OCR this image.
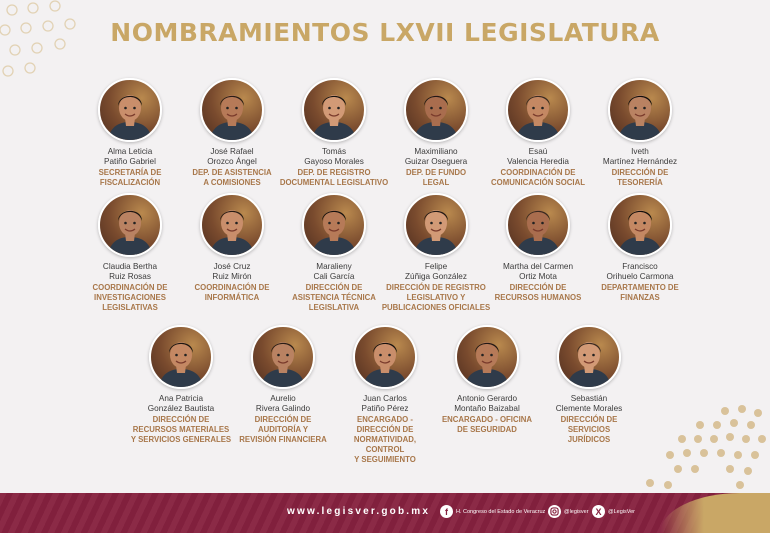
NOMBRAMIENTOS LXVII LEGISLATURA
Alma Leticia
Patiño Gabriel
SECRETARÍA DE
FISCALIZACIÓN
José Rafael
Orozco Ángel
DEP. DE ASISTENCIA
A COMISIONES
Tomás
Gayoso Morales
DEP. DE REGISTRO
DOCUMENTAL LEGISLATIVO
Maximiliano
Guizar Oseguera
DEP. DE FUNDO
LEGAL
Esaú
Valencia Heredia
COORDINACIÓN DE
COMUNICACIÓN SOCIAL
Iveth
Martínez Hernández
DIRECCIÓN DE
TESORERÍA
Claudia Bertha
Ruiz Rosas
COORDINACIÓN DE
INVESTIGACIONES
LEGISLATIVAS
José Cruz
Ruiz Mirón
COORDINACIÓN DE
INFORMÁTICA
Maralieny
Cali García
DIRECCIÓN DE
ASISTENCIA TÉCNICA
LEGISLATIVA
Felipe
Zúñiga González
DIRECCIÓN DE REGISTRO
LEGISLATIVO Y
PUBLICACIONES OFICIALES
Martha del Carmen
Ortiz Mota
DIRECCIÓN DE
RECURSOS HUMANOS
Francisco
Orihuelo Carmona
DEPARTAMENTO DE
FINANZAS
Ana Patricia
González Bautista
DIRECCIÓN DE
RECURSOS MATERIALES
Y SERVICIOS GENERALES
Aurelio
Rivera Galindo
DIRECCIÓN DE
AUDITORÍA Y
REVISIÓN FINANCIERA
Juan Carlos
Patiño Pérez
ENCARGADO -
DIRECCIÓN DE
NORMATIVIDAD,
CONTROL
Y SEGUIMIENTO
Antonio Gerardo
Montaño Baizabal
ENCARGADO - OFICINA
DE SEGURIDAD
Sebastián
Clemente Morales
DIRECCIÓN DE
SERVICIOS
JURÍDICOS
www.legisver.gob.mx	f	H. Congreso del Estado de Veracruz	@legisver X	@LegisVer
